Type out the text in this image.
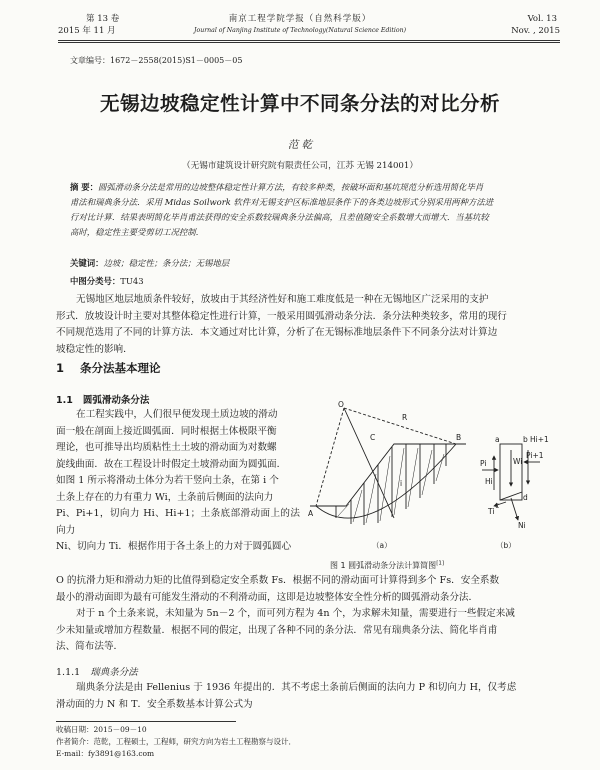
第 13 卷
2015 年 11 月
南京工程学院学报（自然科学版）
Journal of Nanjing Institute of Technology(Natural Science Edition)
Vol. 13
Nov. , 2015
文章编号：1672－2558(2015)S1－0005－05
无锡边坡稳定性计算中不同条分法的对比分析
范 乾
（无锡市建筑设计研究院有限责任公司，江苏 无锡 214001）
摘 要：圆弧滑动条分法是常用的边坡整体稳定性计算方法，有较多种类，按破坏面和基坑规范分析选用简化毕肖
甫法和瑞典条分法．采用 Midas Soilwork 软件对无锡支护区标准地层条件下的各类边坡形式分别采用两种方法进
行对比计算．结果表明简化毕肖甫法获得的安全系数较瑞典条分法偏高，且差值随安全系数增大而增大．当基坑较
高时，稳定性主要受剪切工况控制．
关键词：边坡；稳定性；条分法；无锡地层
中图分类号：TU43
无锡地区地层地质条件较好，放坡由于其经济性好和施工难度低是一种在无锡地区广泛采用的支护
形式．放坡设计时主要对其整体稳定性进行计算，一般采用圆弧滑动条分法．条分法种类较多，常用的现行
不同规范选用了不同的计算方法．本文通过对比计算，分析了在无锡标准地层条件下不同条分法对计算边
坡稳定性的影响．
1 条分法基本理论
1.1 圆弧滑动条分法
在工程实践中，人们很早便发现土质边坡的滑动
面一般在剖面上接近圆弧面．同时根据土体极限平衡
理论，也可推导出均质粘性土土坡的滑动面为对数螺
旋线曲面．故在工程设计时假定土坡滑动面为圆弧面．
如图 1 所示将滑动土体分为若干竖向土条，在第 i 个
土条上存在的力有重力 Wi，土条前后侧面的法向力
Pi、Pi+1，切向力 Hi、Hi+1；土条底部滑动面上的法向力
Ni、切向力 Ti．根据作用于各土条上的力对于圆弧圆心
O
R
A
B
C
i
Wi
Pi
Pi+1
Hi
Hi+1
Ti
Ni
a	b
c
d
（a）	（b）
图 1 圆弧滑动条分法计算简图[1]
O 的抗滑力矩和滑动力矩的比值得到稳定安全系数 Fs．根据不同的滑动面可计算得到多个 Fs．安全系数
最小的滑动面即为最有可能发生滑动的不利滑动面，这即是边坡整体安全性分析的圆弧滑动条分法．
对于 n 个土条来说，未知量为 5n－2 个，而可列方程为 4n 个，为求解未知量，需要进行一些假定来减
少未知量或增加方程数量．根据不同的假定，出现了各种不同的条分法．常见有瑞典条分法、简化毕肖甫
法、简布法等．
1.1.1 瑞典条分法
瑞典条分法是由 Fellenius 于 1936 年提出的．其不考虑土条前后侧面的法向力 P 和切向力 H，仅考虑
滑动面的力 N 和 T．安全系数基本计算公式为
收稿日期：2015－09－10
作者简介：范乾，工程硕士，工程师，研究方向为岩土工程勘察与设计．
E-mail：fy3891@163.com
